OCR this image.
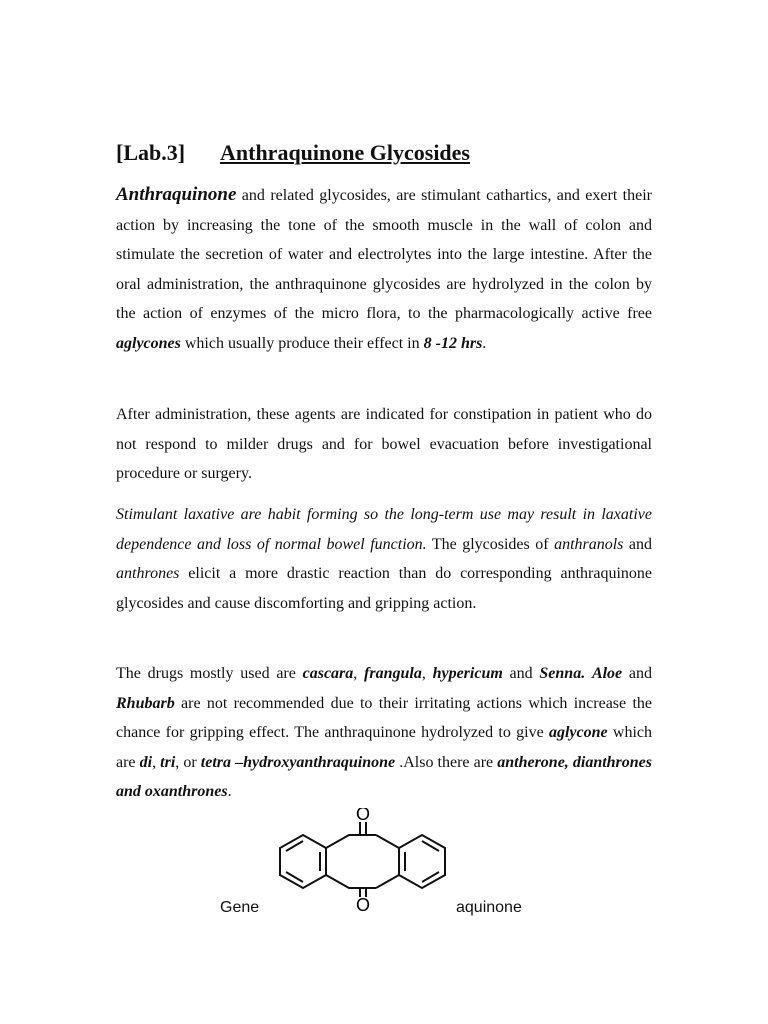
[Lab.3] Anthraquinone Glycosides
Anthraquinone and related glycosides, are stimulant cathartics, and exert their action by increasing the tone of the smooth muscle in the wall of colon and stimulate the secretion of water and electrolytes into the large intestine. After the oral administration, the anthraquinone glycosides are hydrolyzed in the colon by the action of enzymes of the micro flora, to the pharmacologically active free aglycones which usually produce their effect in 8 -12 hrs.
After administration, these agents are indicated for constipation in patient who do not respond to milder drugs and for bowel evacuation before investigational procedure or surgery.
Stimulant laxative are habit forming so the long-term use may result in laxative dependence and loss of normal bowel function. The glycosides of anthranols and anthrones elicit a more drastic reaction than do corresponding anthraquinone glycosides and cause discomforting and gripping action.
The drugs mostly used are cascara, frangula, hypericum and Senna. Aloe and Rhubarb are not recommended due to their irritating actions which increase the chance for gripping effect. The anthraquinone hydrolyzed to give aglycone which are di, tri, or tetra –hydroxyanthraquinone .Also there are antherone, dianthrones and oxanthrones.
O
O
Gene	aquinone
